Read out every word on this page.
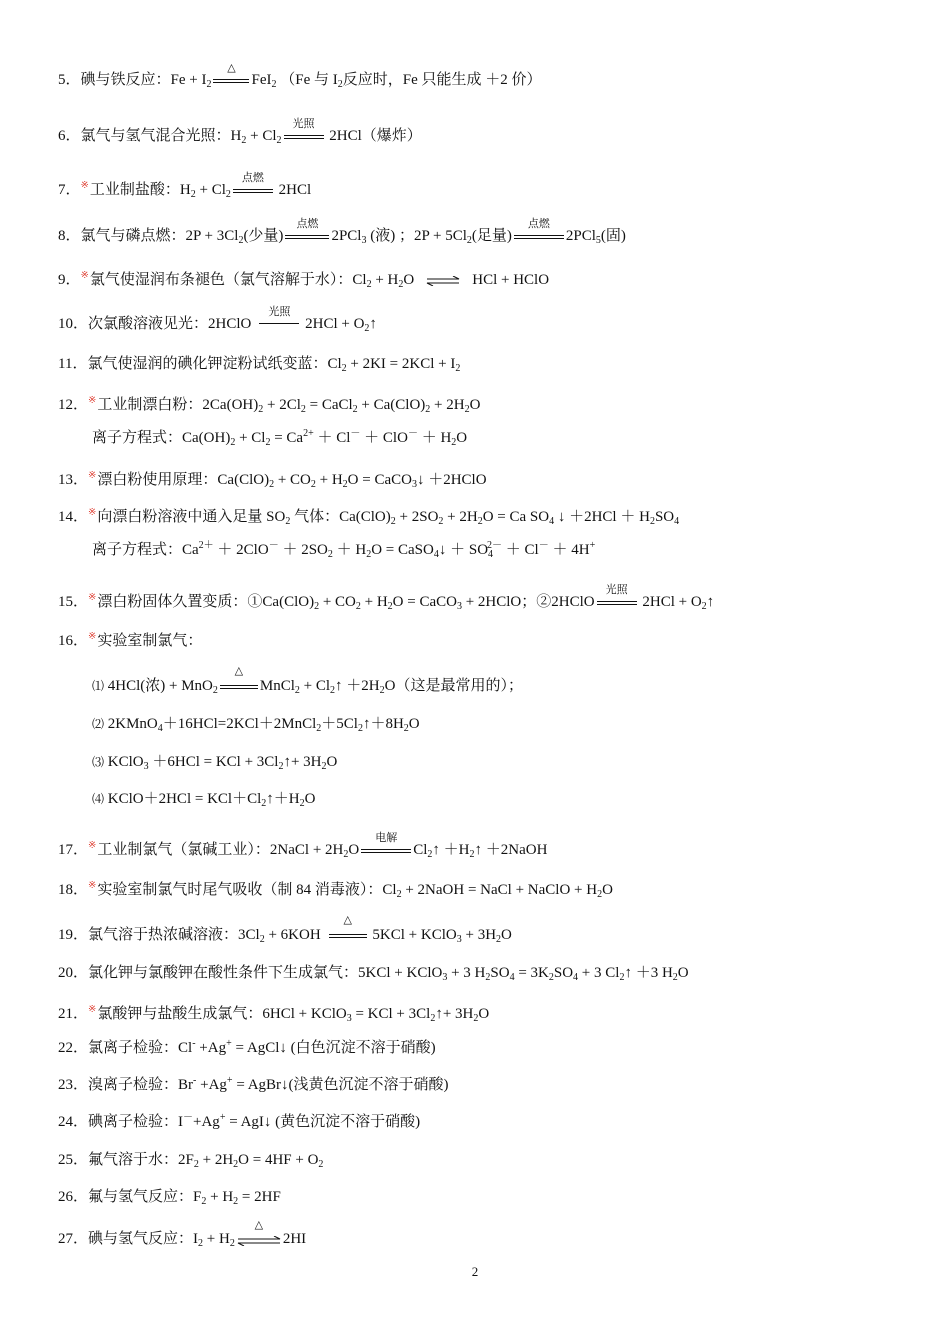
5．碘与铁反应：$Fe + I_2$
△
FeI$_2$ （Fe 与 $I_2$反应时，Fe 只能生成 ＋2 价）
6．氯气与氢气混合光照：$H_2 + Cl_2$
光照
2HCl（爆炸）
7．※工业制盐酸：$H_2 + Cl_2$
点燃
2HCl
8．氯气与磷点燃：$2P + 3Cl_2$(少量)
点燃
2PCl$_3$ (液) ；$2P + 5Cl_2$(足量)
点燃
2PCl$_5$(固)
9．※氯气使湿润布条褪色（氯气溶解于水）：$Cl_2 + H_2O$ ⇌ HCl + HClO
10．次氯酸溶液见光：2HClO
光照
$2HCl + O_2↑$
11．氯气使湿润的碘化钾淀粉试纸变蓝：$Cl_2 + 2KI = 2KCl + I_2$
12．※工业制漂白粉：$2Ca(OH)_2 + 2Cl_2$ = CaCl$_2$ + $Ca(ClO)_2 + 2H_2O$
离子方程式：$Ca(OH)_2 + Cl_2 = Ca^{2+} + Cl^- + ClO^- + H_2O$
13．※漂白粉使用原理：$Ca(ClO)_2 + CO_2 + H_2O$ = CaCO$_3$↓ ＋2HClO
14．※向漂白粉溶液中通入足量 $SO_2$ 气体：$Ca(ClO)_2 + 2SO_2 + 2H_2O = Ca$ $SO_4$ ↓ $+2HCl + H_2SO_4$
离子方程式：$Ca^{2+} + 2ClO^- + 2SO_2 + H_2O$ = CaSO$_4$↓ ＋ $SO_4^{2-} + Cl^- + 4H^+$
15．※漂白粉固体久置变质：$①Ca(ClO)_2 + CO_2 + H_2O$ = CaCO$_3$ + 2HClO；②2HClO
光照
$2HCl + O_2↑$
16．※实验室制氯气：
⑴ 4HCl(浓) + MnO$_2$
△
MnCl$_2$ + $Cl_2↑ +2H_2O$（这是最常用的）；
⑵ $2KMnO_4+16HCl=2KCl+2MnCl_2+5Cl_2↑+8H_2O$
⑶ KClO$_3$ ＋6HCl = KCl + $3Cl_2↑+ 3H_2O$
⑷ KClO＋2HCl = $KCl+Cl_2↑+H_2O$
17．※工业制氯气（氯碱工业）：2NaCl + $2H_2O$
电解
$Cl_2↑$ $+H_2↑$ ＋2NaOH
18．※实验室制氯气时尾气吸收（制 84 消毒液）：$Cl_2$ + 2NaOH = NaCl + NaClO + $H_2O$
19．氯气溶于热浓碱溶液：$3Cl_2 + 6KOH$
△
5KCl + KClO$_3$ + $3H_2O$
20．氯化钾与氯酸钾在酸性条件下生成氯气：5KCl + KClO$_3$ + 3 $H_2SO_4 = 3K_2SO_4 + 3$ $Cl_2↑ +3$ $H_2O$
21．※氯酸钾与盐酸生成氯气：6HCl + KClO$_3$ = KCl + $3Cl_2↑+ 3H_2O$
22．氯离子检验：Cl- +Ag+ = AgCl↓ (白色沉淀不溶于硝酸)
23．溴离子检验：Br- +Ag+ = AgBr↓(浅黄色沉淀不溶于硝酸)
24．碘离子检验：I－+Ag+ = AgI↓ (黄色沉淀不溶于硝酸)
25．氟气溶于水：$2F_2 + 2H_2O = 4HF + O_2$
26．氟与氢气反应：$F_2 + H_2 = 2HF$
27．碘与氢气反应：$I_2 + H_2$
△
2HI
2
